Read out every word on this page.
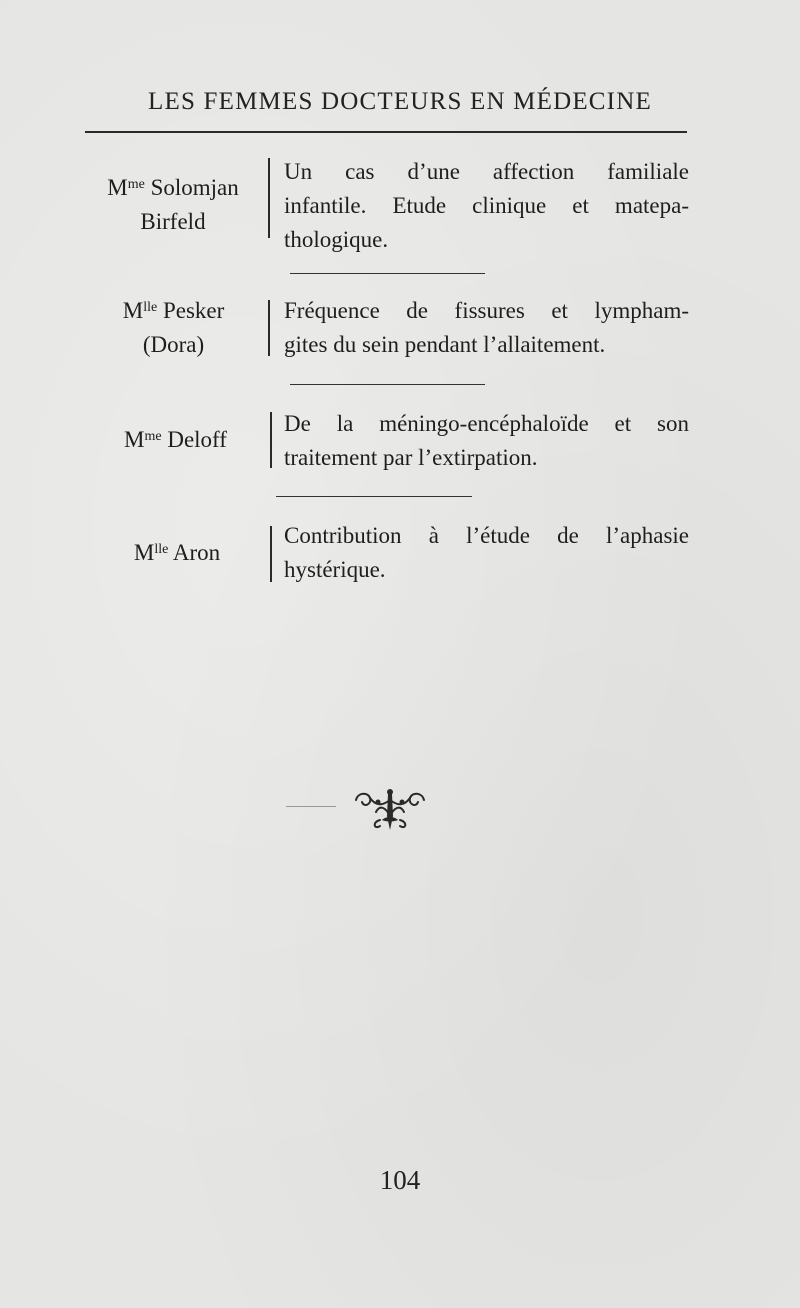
LES FEMMES DOCTEURS EN MÉDECINE
$M^{me}$ Solomjan
Birfeld
Un cas d’une affection familiale
infantile. Etude clinique et matepa-
thologique.
$M^{lle}$ Pesker
(Dora)
Fréquence de fissures et lympham-
gites du sein pendant l’allaitement.
$M^{me}$ Deloff
De la méningo-encéphaloïde et son
traitement par l’extirpation.
$M^{lle}$ Aron
Contribution à l’étude de l’aphasie
hystérique.
104
